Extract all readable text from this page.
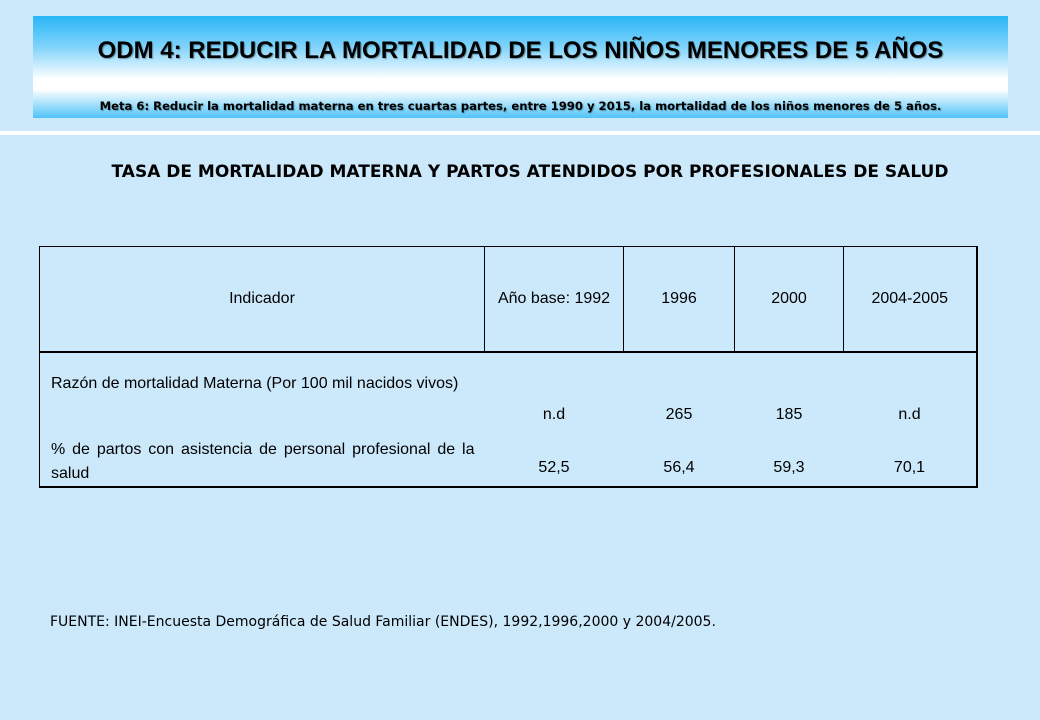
ODM 4: REDUCIR LA MORTALIDAD DE LOS NIÑOS MENORES DE 5 AÑOS
Meta 6: Reducir la mortalidad materna en tres cuartas partes, entre 1990 y 2015, la mortalidad de los niños menores de 5 años.
TASA DE MORTALIDAD MATERNA Y PARTOS ATENDIDOS POR PROFESIONALES DE SALUD
Indicador	Año base: 1992	1996	2000	2004-2005

Razón de mortalidad Materna (Por 100 mil nacidos vivos)	n.d	265	185	n.d

% de partos con asistencia de personal profesional de la salud	52,5	56,4	59,3	70,1
FUENTE: INEI-Encuesta Demográfica de Salud Familiar (ENDES), 1992,1996,2000 y 2004/2005.
